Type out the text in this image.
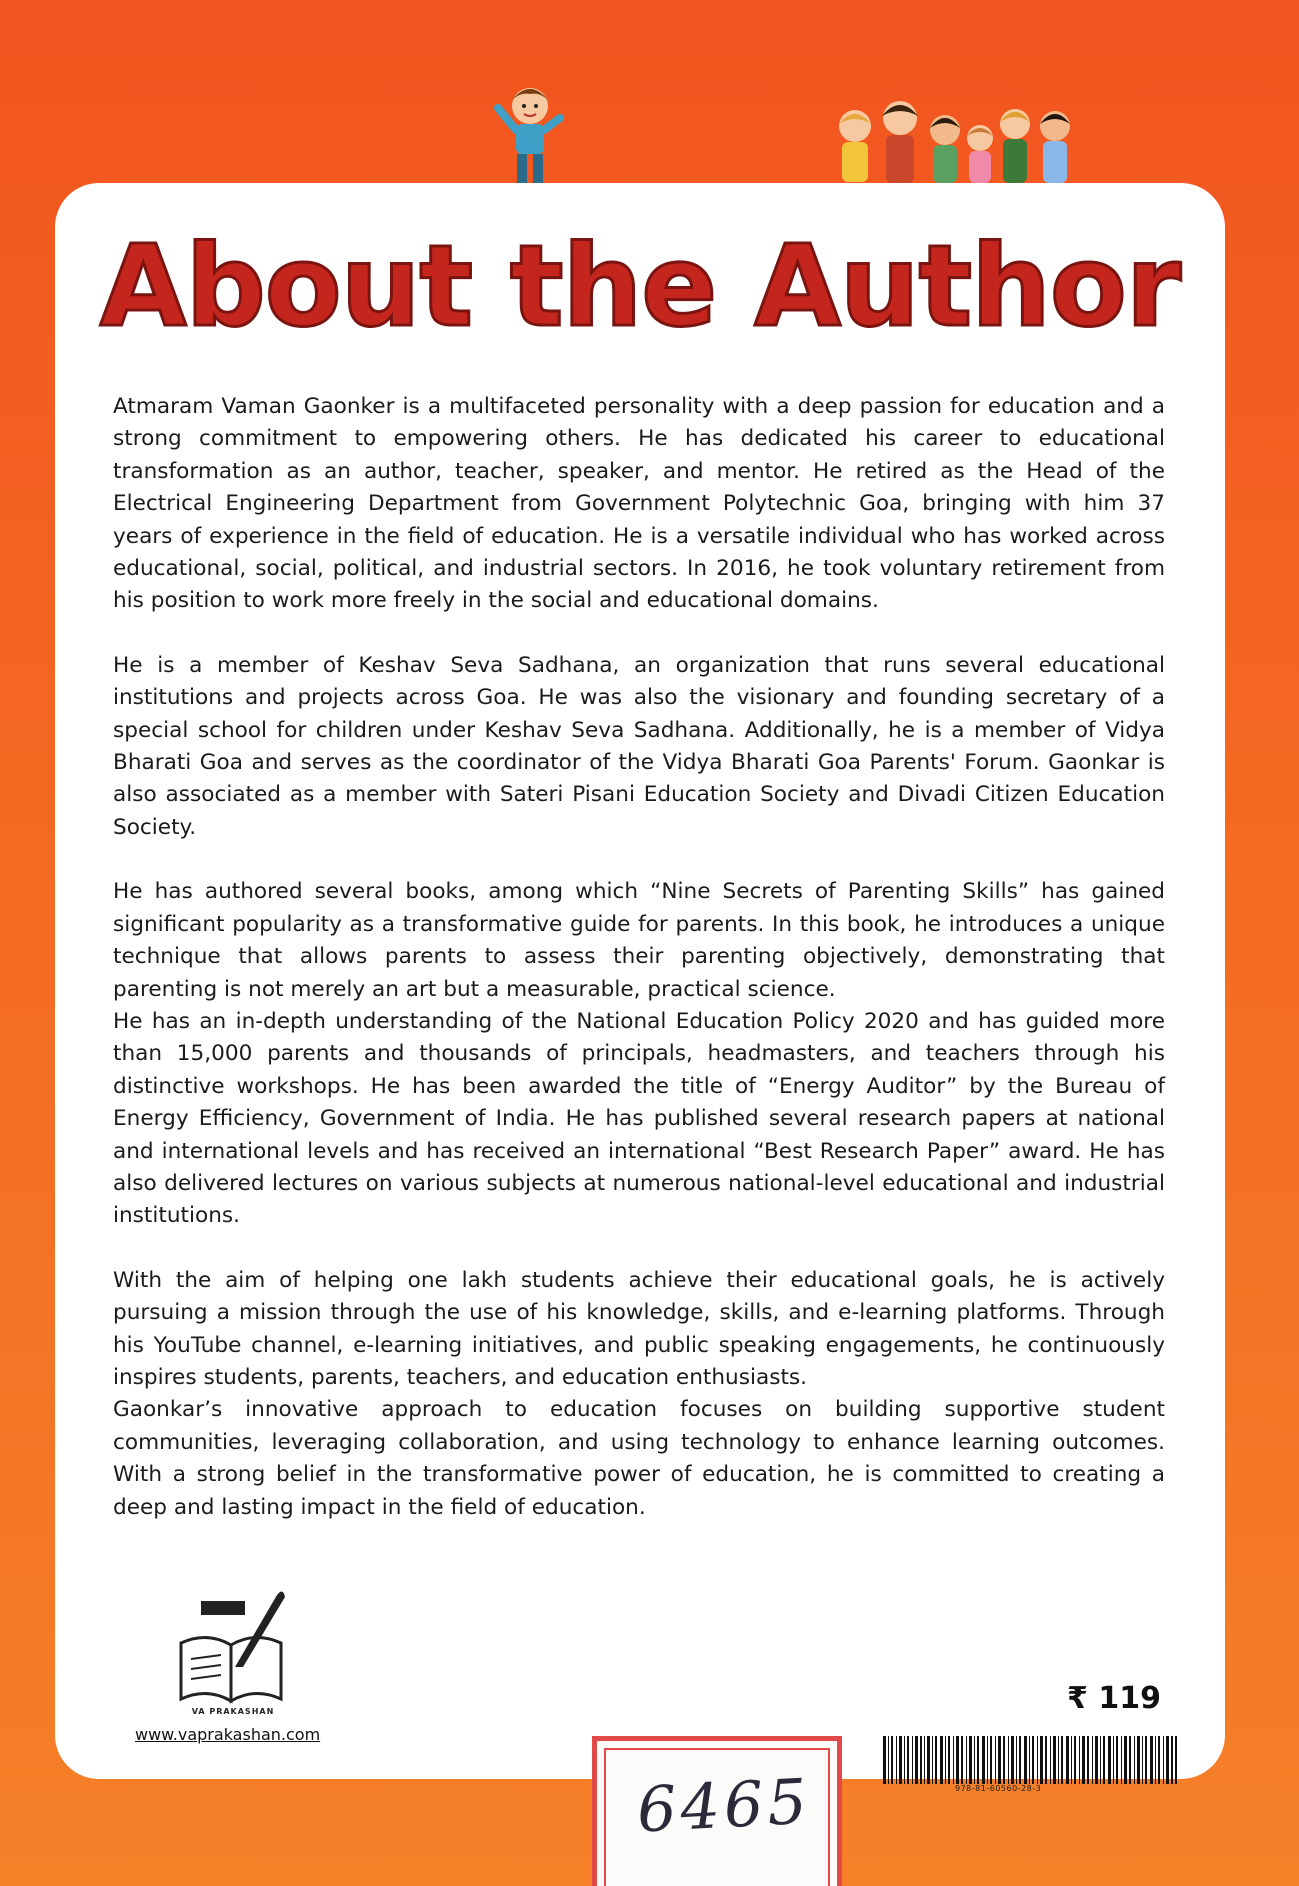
About the Author

Atmaram Vaman Gaonker is a multifaceted personality with a deep passion for education and a strong commitment to empowering others. He has dedicated his career to educational transformation as an author, teacher, speaker, and mentor. He retired as the Head of the Electrical Engineering Department from Government Polytechnic Goa, bringing with him 37 years of experience in the field of education. He is a versatile individual who has worked across educational, social, political, and industrial sectors. In 2016, he took voluntary retirement from his position to work more freely in the social and educational domains.

He is a member of Keshav Seva Sadhana, an organization that runs several educational institutions and projects across Goa. He was also the visionary and founding secretary of a special school for children under Keshav Seva Sadhana. Additionally, he is a member of Vidya Bharati Goa and serves as the coordinator of the Vidya Bharati Goa Parents' Forum. Gaonkar is also associated as a member with Sateri Pisani Education Society and Divadi Citizen Education Society.

He has authored several books, among which “Nine Secrets of Parenting Skills” has gained significant popularity as a transformative guide for parents. In this book, he introduces a unique technique that allows parents to assess their parenting objectively, demonstrating that parenting is not merely an art but a measurable, practical science.

He has an in-depth understanding of the National Education Policy 2020 and has guided more than 15,000 parents and thousands of principals, headmasters, and teachers through his distinctive workshops. He has been awarded the title of “Energy Auditor” by the Bureau of Energy Efficiency, Government of India. He has published several research papers at national and international levels and has received an international “Best Research Paper” award. He has also delivered lectures on various subjects at numerous national-level educational and industrial institutions.

With the aim of helping one lakh students achieve their educational goals, he is actively pursuing a mission through the use of his knowledge, skills, and e-learning platforms. Through his YouTube channel, e-learning initiatives, and public speaking engagements, he continuously inspires students, parents, teachers, and education enthusiasts.

Gaonkar’s innovative approach to education focuses on building supportive student communities, leveraging collaboration, and using technology to enhance learning outcomes. With a strong belief in the transformative power of education, he is committed to creating a deep and lasting impact in the field of education.

VA PRAKASHAN
www.vaprakashan.com
₹ 119
978-81-60560-28-3
6465
